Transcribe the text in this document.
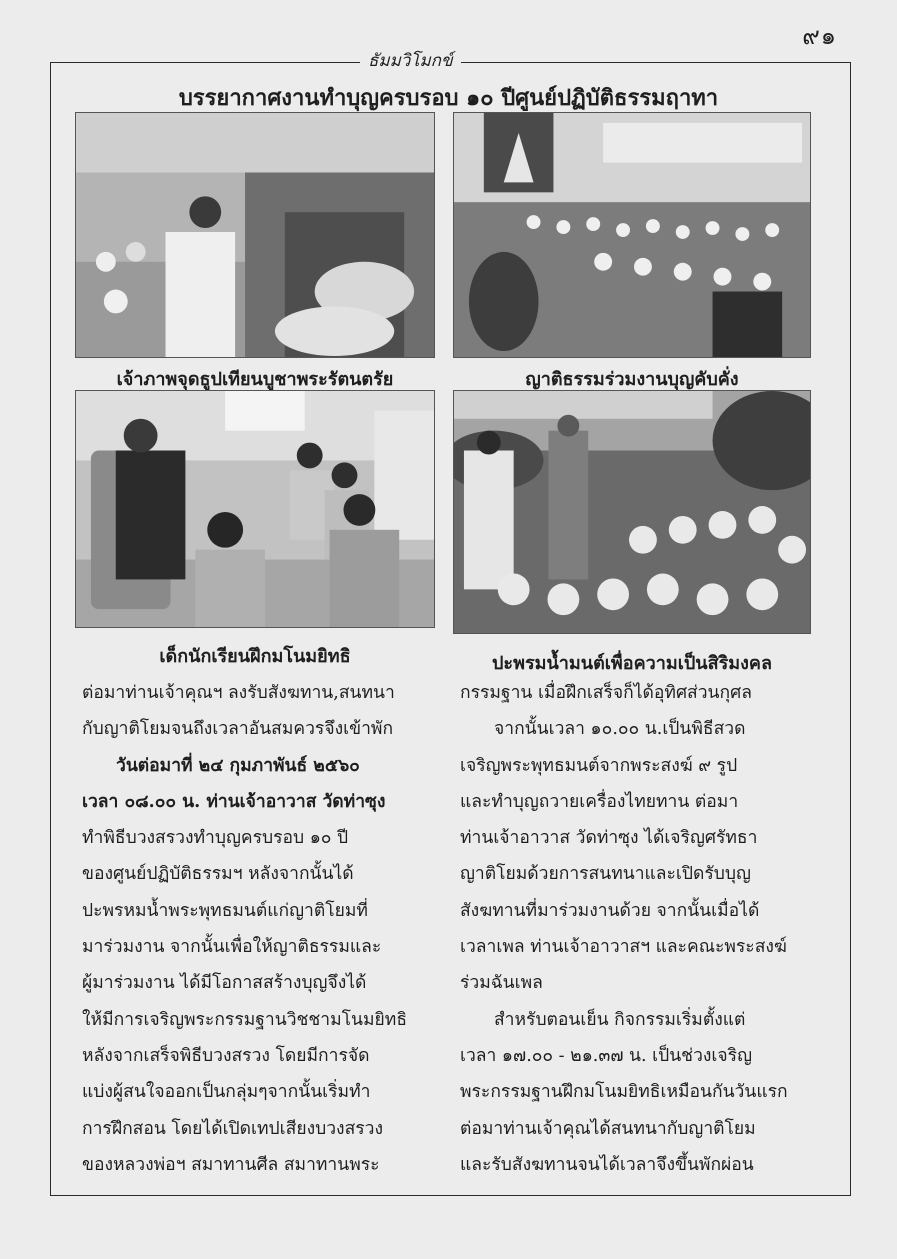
๙๑
ธัมมวิโมกข์
บรรยากาศงานทำบุญครบรอบ ๑๐ ปีศูนย์ปฏิบัติธรรมฤาทา
เจ้าภาพจุดธูปเทียนบูชาพระรัตนตรัย	ญาติธรรมร่วมงานบุญคับคั่ง
เด็กนักเรียนฝึกมโนมยิทธิ	ปะพรมน้ำมนต์เพื่อความเป็นสิริมงคล

ต่อมาท่านเจ้าคุณฯ ลงรับสังฆทาน,สนทนา

กับญาติโยมจนถึงเวลาอันสมควรจึงเข้าพัก

วันต่อมาที่ ๒๔ กุมภาพันธ์ ๒๕๖๐

เวลา ๐๘.๐๐ น. ท่านเจ้าอาวาส วัดท่าซุง

ทำพิธีบวงสรวงทำบุญครบรอบ ๑๐ ปี

ของศูนย์ปฏิบัติธรรมฯ หลังจากนั้นได้

ปะพรหมน้ำพระพุทธมนต์แก่ญาติโยมที่

มาร่วมงาน จากนั้นเพื่อให้ญาติธรรมและ

ผู้มาร่วมงาน ได้มีโอกาสสร้างบุญจึงได้

ให้มีการเจริญพระกรรมฐานวิชชามโนมยิทธิ

หลังจากเสร็จพิธีบวงสรวง โดยมีการจัด

แบ่งผู้สนใจออกเป็นกลุ่มๆจากนั้นเริ่มทำ

การฝึกสอน โดยได้เปิดเทปเสียงบวงสรวง

ของหลวงพ่อฯ สมาทานศีล สมาทานพระ

กรรมฐาน เมื่อฝึกเสร็จก็ได้อุทิศส่วนกุศล

จากนั้นเวลา ๑๐.๐๐ น.เป็นพิธีสวด

เจริญพระพุทธมนต์จากพระสงฆ์ ๙ รูป

และทำบุญถวายเครื่องไทยทาน ต่อมา

ท่านเจ้าอาวาส วัดท่าซุง ได้เจริญศรัทธา

ญาติโยมด้วยการสนทนาและเปิดรับบุญ

สังฆทานที่มาร่วมงานด้วย จากนั้นเมื่อได้

เวลาเพล ท่านเจ้าอาวาสฯ และคณะพระสงฆ์

ร่วมฉันเพล

สำหรับตอนเย็น กิจกรรมเริ่มตั้งแต่

เวลา ๑๗.๐๐ - ๒๑.๓๗ น. เป็นช่วงเจริญ

พระกรรมฐานฝึกมโนมยิทธิเหมือนกันวันแรก

ต่อมาท่านเจ้าคุณได้สนทนากับญาติโยม

และรับสังฆทานจนได้เวลาจึงขึ้นพักผ่อน
